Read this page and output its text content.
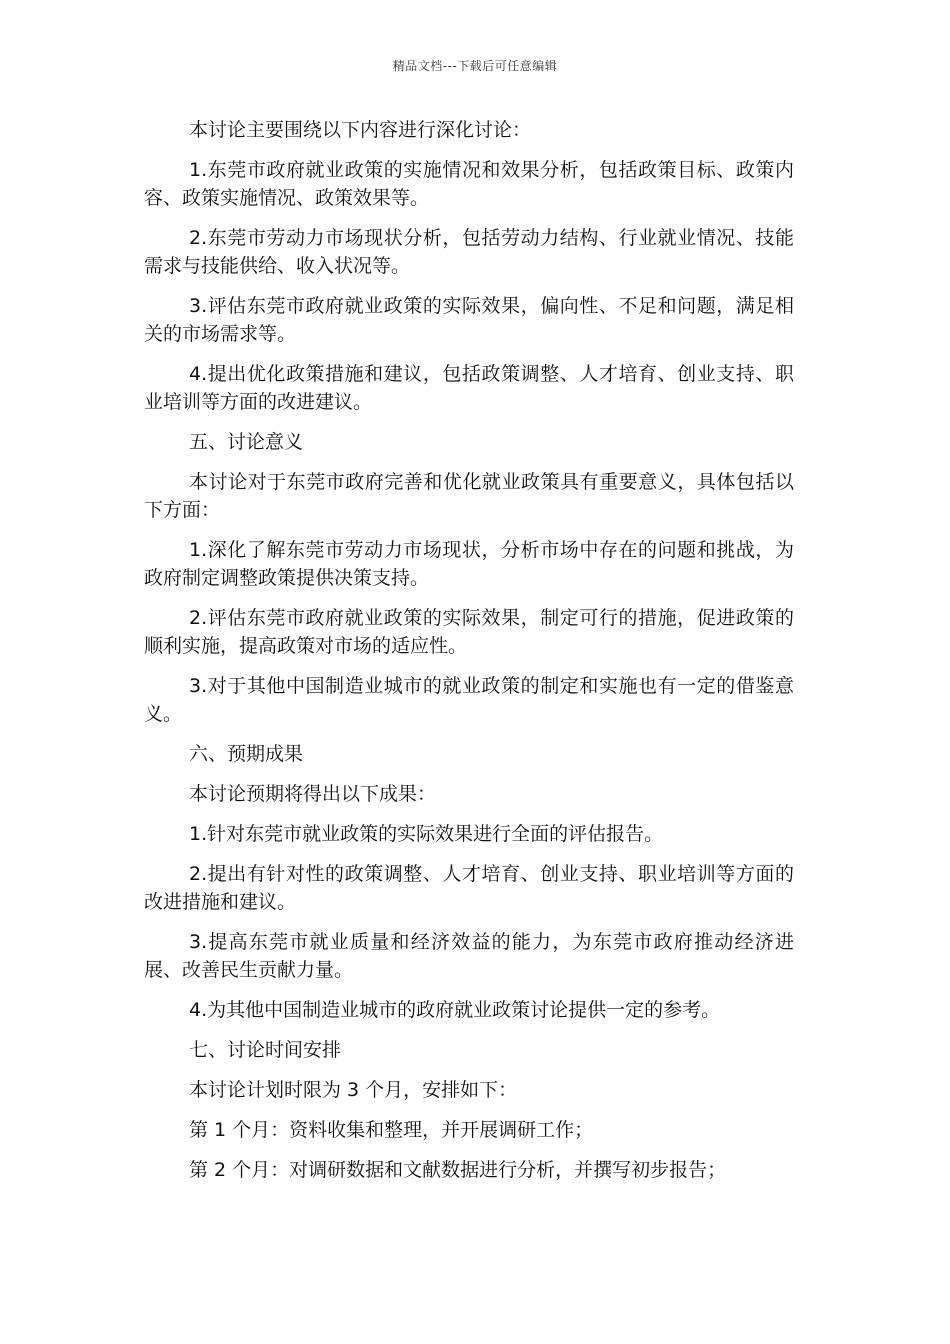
精品文档---下载后可任意编辑

本讨论主要围绕以下内容进行深化讨论：

1.东莞市政府就业政策的实施情况和效果分析，包括政策目标、政策内容、政策实施情况、政策效果等。

2.东莞市劳动力市场现状分析，包括劳动力结构、行业就业情况、技能需求与技能供给、收入状况等。

3.评估东莞市政府就业政策的实际效果，偏向性、不足和问题，满足相关的市场需求等。

4.提出优化政策措施和建议，包括政策调整、人才培育、创业支持、职业培训等方面的改进建议。

五、讨论意义

本讨论对于东莞市政府完善和优化就业政策具有重要意义，具体包括以下方面：

1.深化了解东莞市劳动力市场现状，分析市场中存在的问题和挑战，为政府制定调整政策提供决策支持。

2.评估东莞市政府就业政策的实际效果，制定可行的措施，促进政策的顺利实施，提高政策对市场的适应性。

3.对于其他中国制造业城市的就业政策的制定和实施也有一定的借鉴意义。

六、预期成果

本讨论预期将得出以下成果：

1.针对东莞市就业政策的实际效果进行全面的评估报告。

2.提出有针对性的政策调整、人才培育、创业支持、职业培训等方面的改进措施和建议。

3.提高东莞市就业质量和经济效益的能力，为东莞市政府推动经济进展、改善民生贡献力量。

4.为其他中国制造业城市的政府就业政策讨论提供一定的参考。

七、讨论时间安排

本讨论计划时限为 3 个月，安排如下：

第 1 个月：资料收集和整理，并开展调研工作；

第 2 个月：对调研数据和文献数据进行分析，并撰写初步报告；
